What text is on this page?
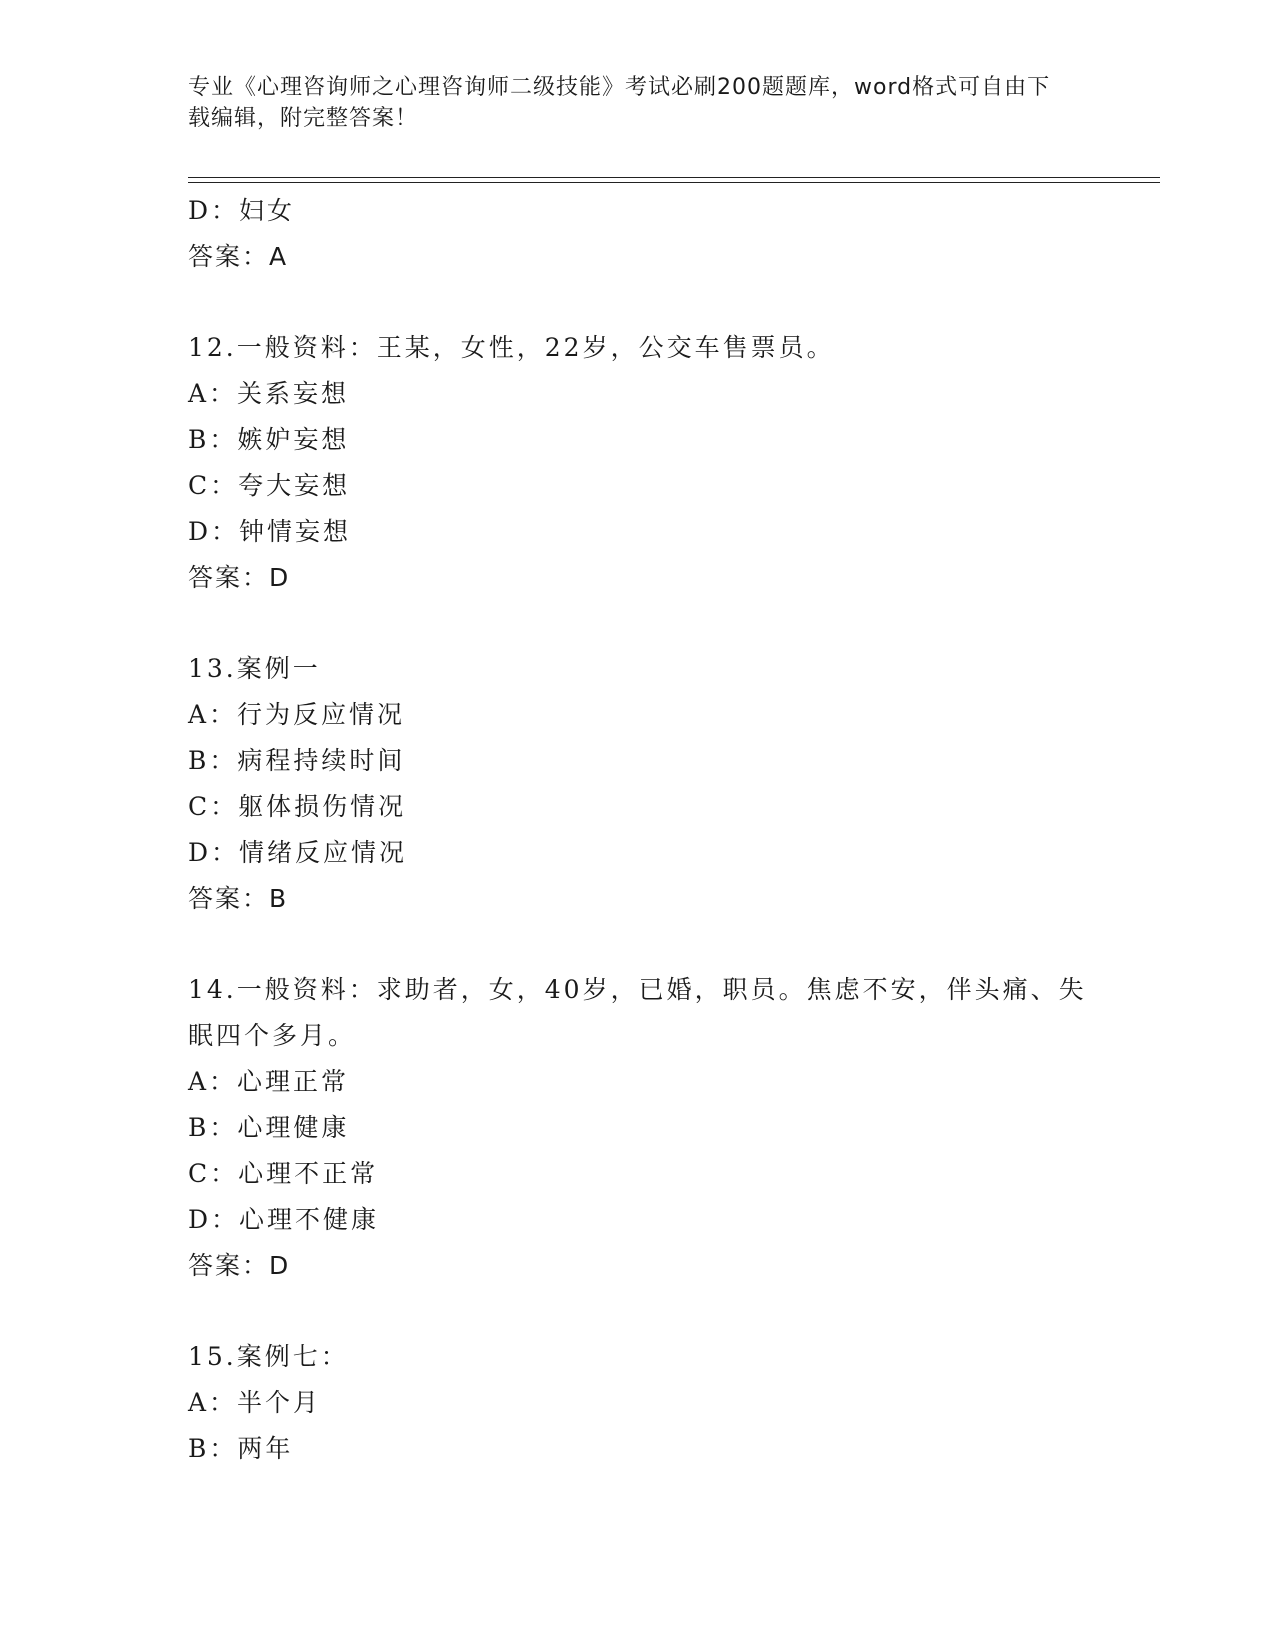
专业《心理咨询师之心理咨询师二级技能》考试必刷200题题库，word格式可自由下载编辑，附完整答案！
D：妇女
答案：A
12.一般资料：王某，女性，22岁，公交车售票员。
A：关系妄想
B：嫉妒妄想
C：夸大妄想
D：钟情妄想
答案：D
13.案例一
A：行为反应情况
B：病程持续时间
C：躯体损伤情况
D：情绪反应情况
答案：B
14.一般资料：求助者，女，40岁，已婚，职员。焦虑不安，伴头痛、失眠四个多月。
A：心理正常
B：心理健康
C：心理不正常
D：心理不健康
答案：D
15.案例七：
A：半个月
B：两年
